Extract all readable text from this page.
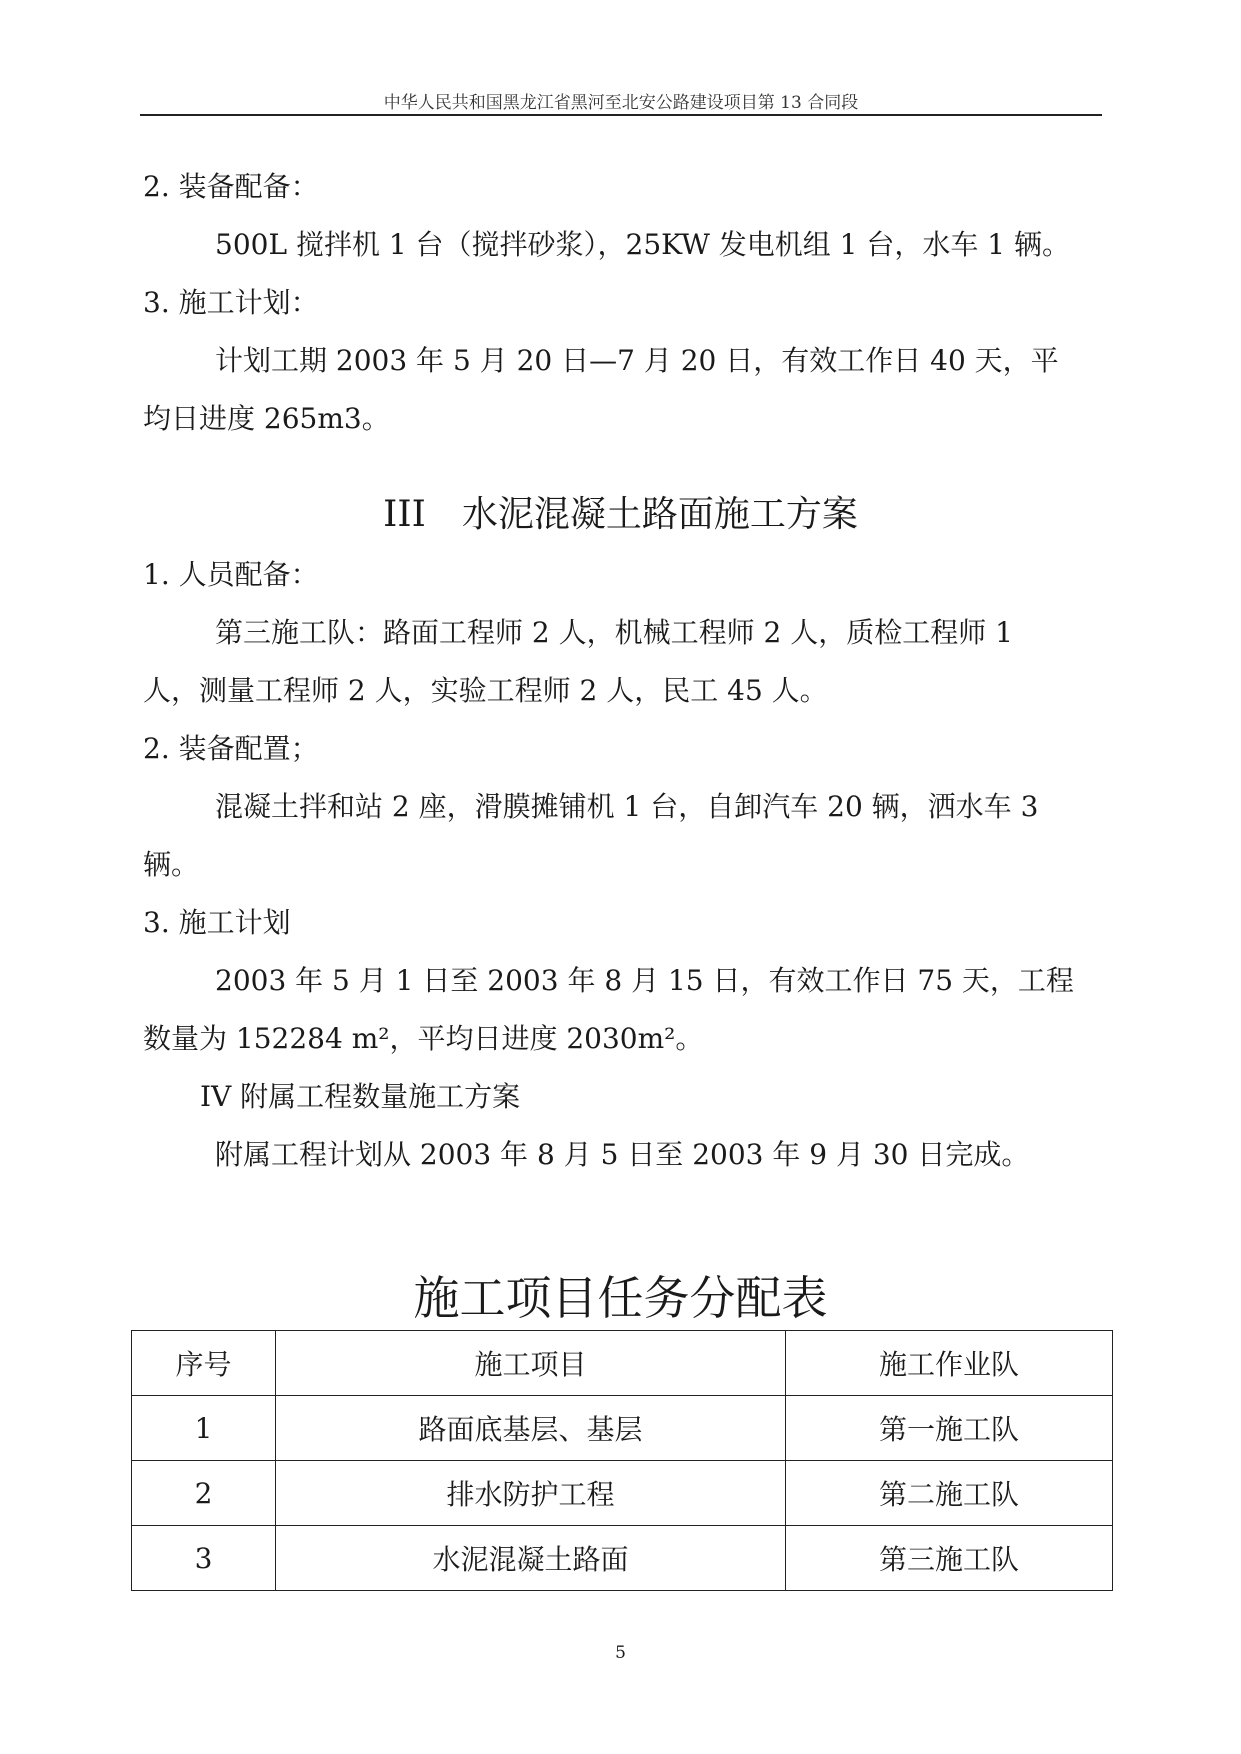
中华人民共和国黑龙江省黑河至北安公路建设项目第 13 合同段
2. 装备配备：
500L 搅拌机 1 台（搅拌砂浆），25KW 发电机组 1 台，水车 1 辆。
3. 施工计划：
计划工期 2003 年 5 月 20 日—7 月 20 日，有效工作日 40 天，平
均日进度 265m3。
III　水泥混凝土路面施工方案
1. 人员配备：
第三施工队：路面工程师 2 人，机械工程师 2 人，质检工程师 1
人，测量工程师 2 人，实验工程师 2 人，民工 45 人。
2. 装备配置；
混凝土拌和站 2 座，滑膜摊铺机 1 台，自卸汽车 20 辆，洒水车 3
辆。
3. 施工计划
2003 年 5 月 1 日至 2003 年 8 月 15 日，有效工作日 75 天，工程
数量为 152284 m²，平均日进度 2030m²。
IV 附属工程数量施工方案
附属工程计划从 2003 年 8 月 5 日至 2003 年 9 月 30 日完成。
施工项目任务分配表
序号	施工项目	施工作业队
1	路面底基层、基层	第一施工队
2	排水防护工程	第二施工队
3	水泥混凝土路面	第三施工队
5
